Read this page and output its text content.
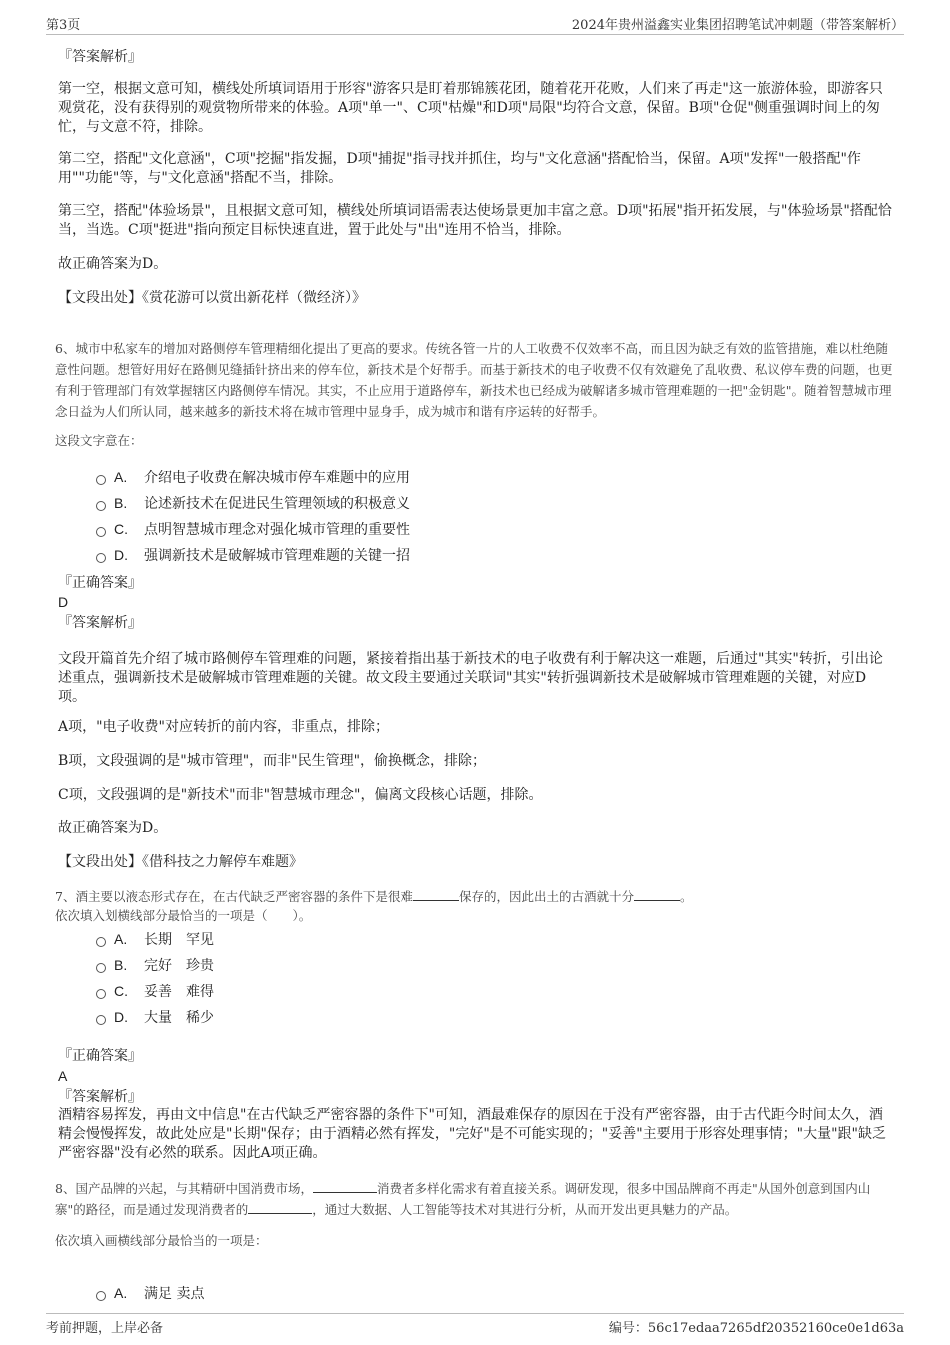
第3页	2024年贵州溢鑫实业集团招聘笔试冲刺题（带答案解析）
『答案解析』

第一空，根据文意可知，横线处所填词语用于形容"游客只是盯着那锦簇花团，随着花开花败，人们来了再走"这一旅游体验，即游客只观赏花，没有获得别的观赏物所带来的体验。A项"单一"、C项"枯燥"和D项"局限"均符合文意，保留。B项"仓促"侧重强调时间上的匆忙，与文意不符，排除。

第二空，搭配"文化意涵"，C项"挖掘"指发掘，D项"捕捉"指寻找并抓住，均与"文化意涵"搭配恰当，保留。A项"发挥"一般搭配"作用""功能"等，与"文化意涵"搭配不当，排除。

第三空，搭配"体验场景"，且根据文意可知，横线处所填词语需表达使场景更加丰富之意。D项"拓展"指开拓发展，与"体验场景"搭配恰当，当选。C项"挺进"指向预定目标快速直进，置于此处与"出"连用不恰当，排除。

故正确答案为D。

【文段出处】《赏花游可以赏出新花样（微经济）》

6、城市中私家车的增加对路侧停车管理精细化提出了更高的要求。传统各管一片的人工收费不仅效率不高，而且因为缺乏有效的监管措施，难以杜绝随意性问题。想管好用好在路侧见缝插针挤出来的停车位，新技术是个好帮手。而基于新技术的电子收费不仅有效避免了乱收费、私议停车费的问题，也更有利于管理部门有效掌握辖区内路侧停车情况。其实，不止应用于道路停车，新技术也已经成为破解诸多城市管理难题的一把"金钥匙"。随着智慧城市理念日益为人们所认同，越来越多的新技术将在城市管理中显身手，成为城市和谐有序运转的好帮手。

这段文字意在：

A. 介绍电子收费在解决城市停车难题中的应用
B. 论述新技术在促进民生管理领域的积极意义
C. 点明智慧城市理念对强化城市管理的重要性
D. 强调新技术是破解城市管理难题的关键一招
『正确答案』
D
『答案解析』

文段开篇首先介绍了城市路侧停车管理难的问题，紧接着指出基于新技术的电子收费有利于解决这一难题，后通过"其实"转折，引出论述重点，强调新技术是破解城市管理难题的关键。故文段主要通过关联词"其实"转折强调新技术是破解城市管理难题的关键，对应D项。

A项，"电子收费"对应转折的前内容，非重点，排除；

B项，文段强调的是"城市管理"，而非"民生管理"，偷换概念，排除；

C项，文段强调的是"新技术"而非"智慧城市理念"，偏离文段核心话题，排除。

故正确答案为D。

【文段出处】《借科技之力解停车难题》

7、酒主要以液态形式存在，在古代缺乏严密容器的条件下是很难	保存的，因此出土的古酒就十分	。

依次填入划横线部分最恰当的一项是（　　）。

A. 长期　罕见
B. 完好　珍贵
C. 妥善　难得
D. 大量　稀少
『正确答案』
A
『答案解析』

酒精容易挥发，再由文中信息"在古代缺乏严密容器的条件下"可知，酒最难保存的原因在于没有严密容器，由于古代距今时间太久，酒精会慢慢挥发，故此处应是"长期"保存；由于酒精必然有挥发，"完好"是不可能实现的；"妥善"主要用于形容处理事情；"大量"跟"缺乏严密容器"没有必然的联系。因此A项正确。

8、国产品牌的兴起，与其精研中国消费市场，	消费者多样化需求有着直接关系。调研发现，很多中国品牌商不再走"从国外创意到国内山寨"的路径，而是通过发现消费者的	，通过大数据、人工智能等技术对其进行分析，从而开发出更具魅力的产品。

依次填入画横线部分最恰当的一项是：

A. 满足 卖点
考前押题，上岸必备	编号：56c17edaa7265df20352160ce0e1d63a
